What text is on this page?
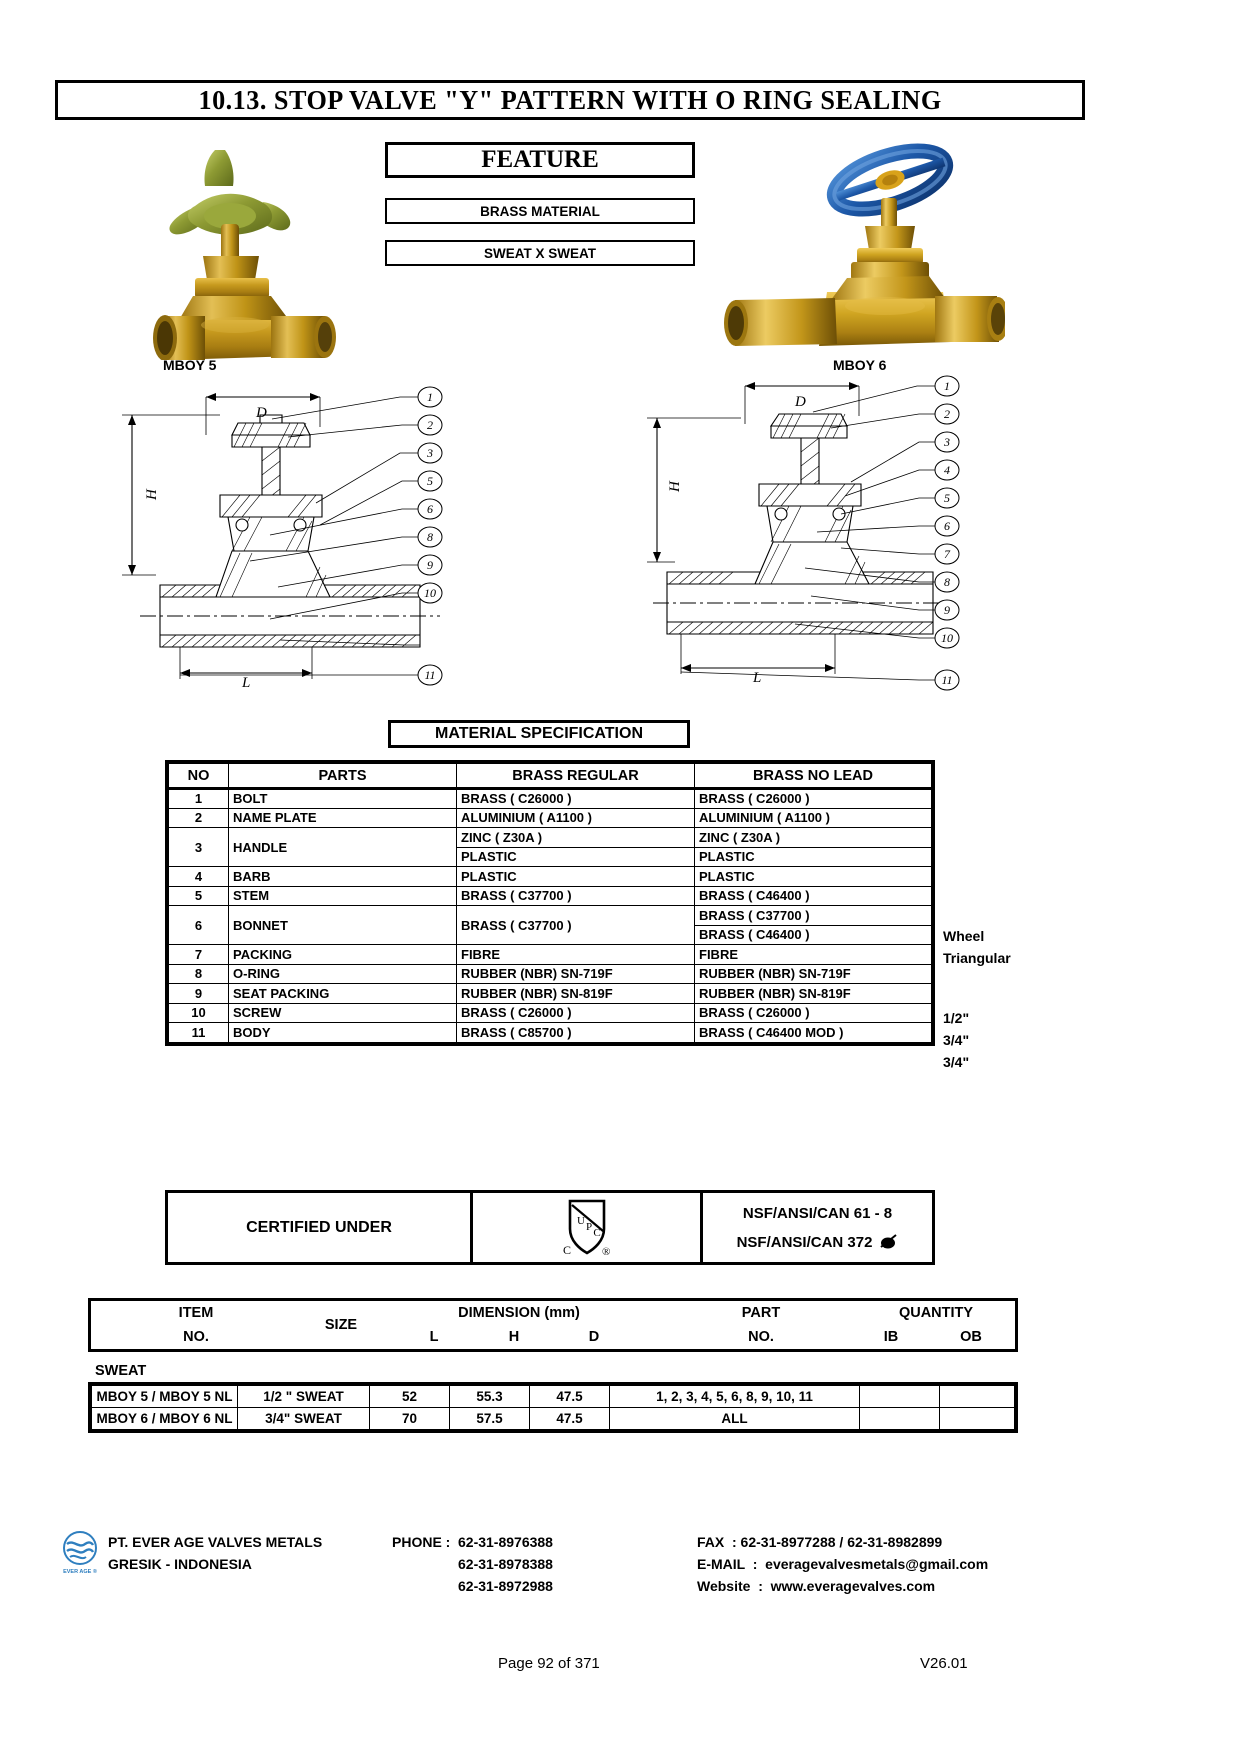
10.13. STOP VALVE "Y" PATTERN WITH O RING SEALING
FEATURE
BRASS MATERIAL
SWEAT X SWEAT
MBOY 5	MBOY 6
1
2
3
5
6
8
9
10
11
H
D
L
1
2
3
4
5
6
7
8
9
10
11
H
D
L
MATERIAL SPECIFICATION
NO	PARTS	BRASS REGULAR	BRASS NO LEAD
1	BOLT	BRASS ( C26000 )	BRASS ( C26000 )
2	NAME PLATE	ALUMINIUM ( A1100 )	ALUMINIUM ( A1100 )
3	HANDLE	ZINC ( Z30A )	ZINC ( Z30A )
		PLASTIC	PLASTIC
4	BARB	PLASTIC	PLASTIC
5	STEM	BRASS ( C37700 )	BRASS ( C46400 )
6	BONNET	BRASS ( C37700 )	BRASS ( C37700 )
			BRASS ( C46400 )
7	PACKING	FIBRE	FIBRE
8	O-RING	RUBBER (NBR) SN-719F	RUBBER (NBR) SN-719F
9	SEAT PACKING	RUBBER (NBR) SN-819F	RUBBER (NBR) SN-819F
10	SCREW	BRASS ( C26000 )	BRASS ( C26000 )
11	BODY	BRASS ( C85700 )	BRASS ( C46400 MOD )
Wheel
Triangular
1/2"
3/4"
3/4"
CERTIFIED UNDER	U P C
C	®
NSF/ANSI/CAN 61 - 8
NSF/ANSI/CAN 372
ITEM
NO.
SIZE
DIMENSION (mm)
L	H	D
PART
NO.
QUANTITY
IB	OB
SWEAT
MBOY 5 / MBOY 5 NL	1/2 " SWEAT	52	55.3	47.5	1, 2, 3, 4, 5, 6, 8, 9, 10, 11		
MBOY 6 / MBOY 6 NL	3/4" SWEAT	70	57.5	47.5	ALL		
EVER AGE ®
PT. EVER AGE VALVES METALS
GRESIK - INDONESIA
PHONE : 62-31-8976388
62-31-8978388
62-31-8972988
FAX  : 62-31-8977288 / 62-31-8982899
E-MAIL  :  everagevalvesmetals@gmail.com
Website  :  www.everagevalves.com
Page 92 of 371	V26.01
